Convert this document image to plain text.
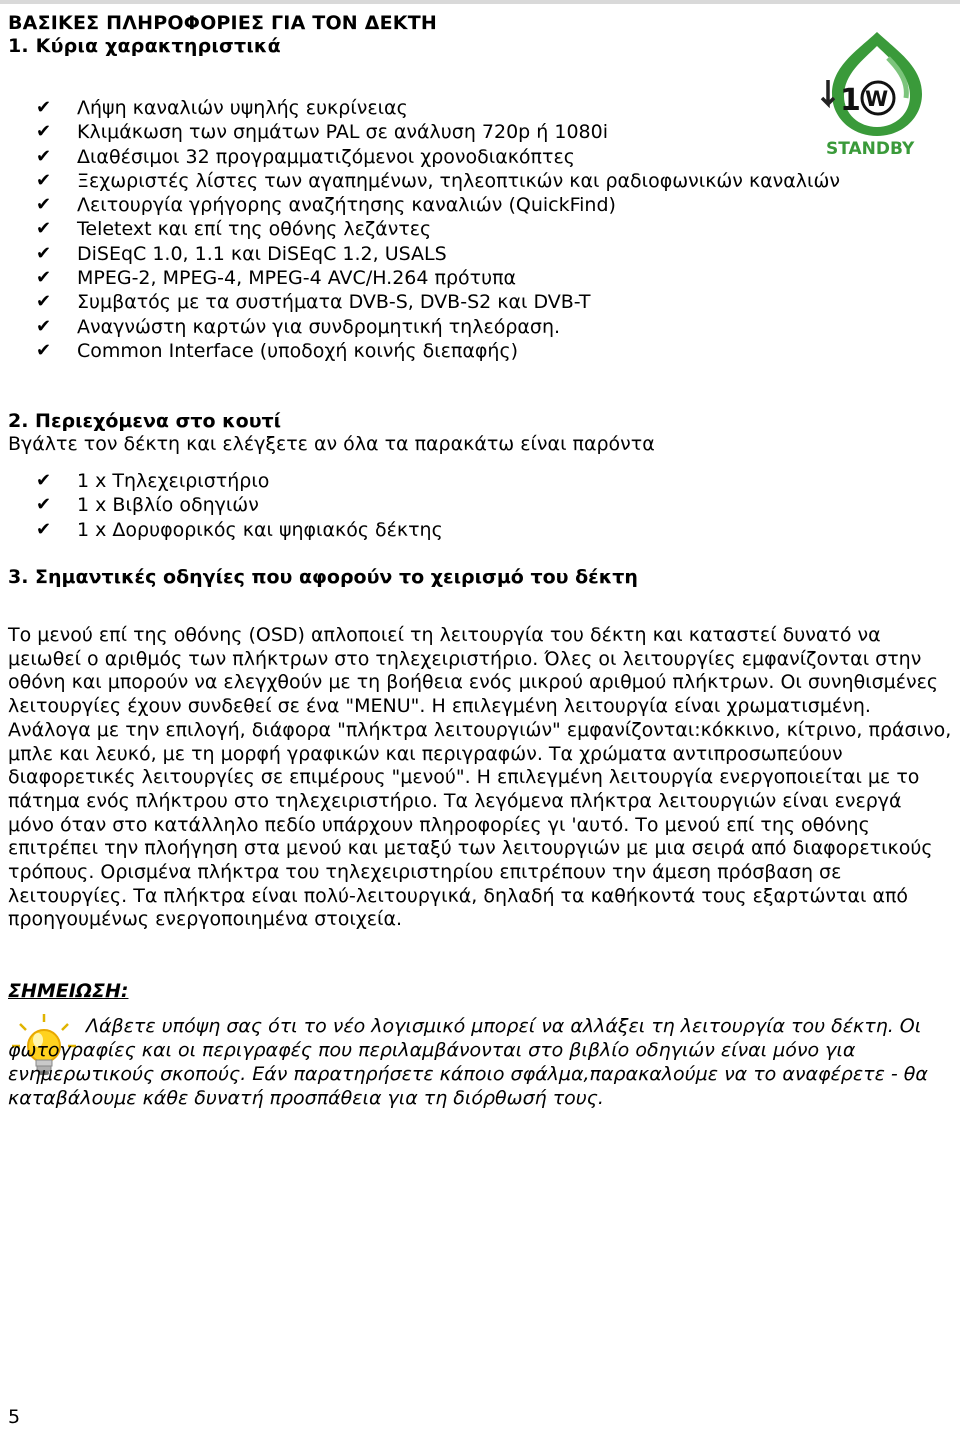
ΒΑΣΙΚΕΣ ΠΛΗΡΟΦΟΡΙΕΣ ΓΙΑ ΤΟΝ ΔΕΚΤΗ
1. Κύρια χαρακτηριστικά
1 W
STANDBY
✔ Λήψη καναλιών υψηλής ευκρίνειας
✔ Κλιμάκωση των σημάτων PAL σε ανάλυση 720p ή 1080i
✔ Διαθέσιμοι 32 προγραμματιζόμενοι χρονοδιακόπτες
✔ Ξεχωριστές λίστες των αγαπημένων, τηλεοπτικών και ραδιοφωνικών καναλιών
✔ Λειτουργία γρήγορης αναζήτησης καναλιών (QuickFind)
✔ Teletext και επί της οθόνης λεζάντες
✔ DiSEqC 1.0, 1.1 και DiSEqC 1.2, USALS
✔ MPEG-2, MPEG-4, MPEG-4 AVC/H.264 πρότυπα
✔ Συμβατός με τα συστήματα DVB-S, DVB-S2 και DVB-T
✔ Αναγνώστη καρτών για συνδρομητική τηλεόραση.
✔ Common Interface (υποδοχή κοινής διεπαφής)
2. Περιεχόμενα στο κουτί
Βγάλτε τον δέκτη και ελέγξετε αν όλα τα παρακάτω είναι παρόντα
✔ 1 x Τηλεχειριστήριο
✔ 1 x Βιβλίο οδηγιών
✔ 1 x Δορυφορικός και ψηφιακός δέκτης
3. Σημαντικές οδηγίες που αφορούν το χειρισμό του δέκτη

Το μενού επί της οθόνης (OSD) απλοποιεί τη λειτουργία του δέκτη και καταστεί δυνατό να μειωθεί ο αριθμός των πλήκτρων στο τηλεχειριστήριο. Όλες οι λειτουργίες εμφανίζονται στην οθόνη και μπορούν να ελεγχθούν με τη βοήθεια ενός μικρού αριθμού πλήκτρων. Οι συνηθισμένες λειτουργίες έχουν συνδεθεί σε ένα "MENU". Η επιλεγμένη λειτουργία είναι χρωματισμένη. Ανάλογα με την επιλογή, διάφορα "πλήκτρα λειτουργιών" εμφανίζονται:κόκκινο, κίτρινο, πράσινο, μπλε και λευκό, με τη μορφή γραφικών και περιγραφών. Τα χρώματα αντιπροσωπεύουν διαφορετικές λειτουργίες σε επιμέρους "μενού". Η επιλεγμένη λειτουργία ενεργοποιείται με το πάτημα ενός πλήκτρου στο τηλεχειριστήριο. Τα λεγόμενα πλήκτρα λειτουργιών είναι ενεργά μόνο όταν στο κατάλληλο πεδίο υπάρχουν πληροφορίες γι 'αυτό. Το μενού επί της οθόνης επιτρέπει την πλοήγηση στα μενού και μεταξύ των λειτουργιών με μια σειρά από διαφορετικούς τρόπους. Ορισμένα πλήκτρα του τηλεχειριστηρίου επιτρέπουν την άμεση πρόσβαση σε λειτουργίες. Τα πλήκτρα είναι πολύ-λειτουργικά, δηλαδή τα καθήκοντά τους εξαρτώνται από προηγουμένως ενεργοποιημένα στοιχεία.

ΣΗΜΕΙΩΣΗ:

Λάβετε υπόψη σας ότι το νέο λογισμικό μπορεί να αλλάξει τη λειτουργία του δέκτη. Οι φωτογραφίες και οι περιγραφές που περιλαμβάνονται στο βιβλίο οδηγιών είναι μόνο για ενημερωτικούς σκοπούς. Εάν παρατηρήσετε κάποιο σφάλμα,παρακαλούμε να το αναφέρετε - θα καταβάλουμε κάθε δυνατή προσπάθεια για τη διόρθωσή τους.

5
